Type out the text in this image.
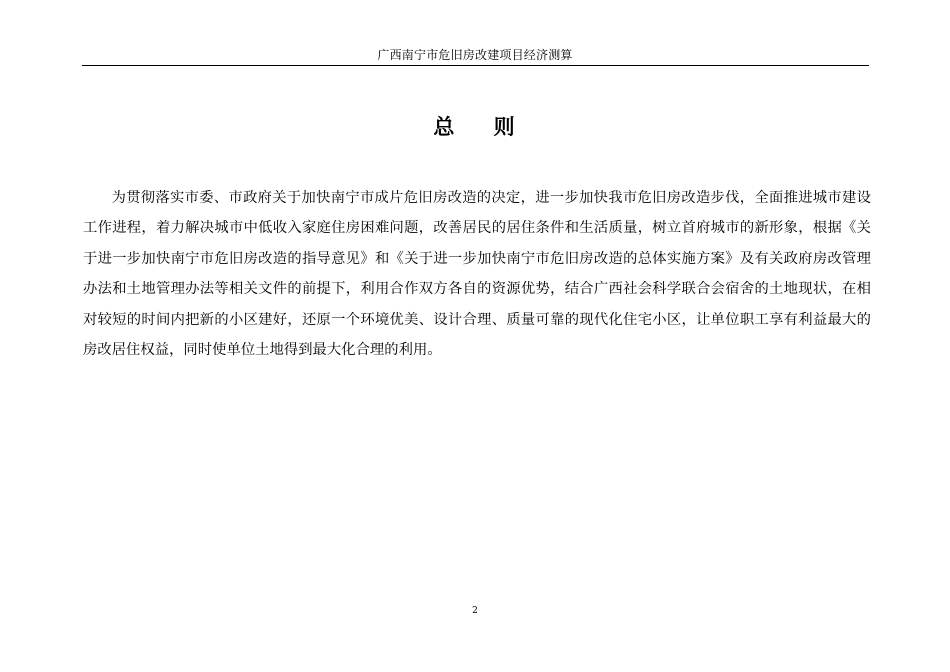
广西南宁市危旧房改建项目经济测算
总    则

为贯彻落实市委、市政府关于加快南宁市成片危旧房改造的决定，进一步加快我市危旧房改造步伐，全面推进城市建设工作进程，着力解决城市中低收入家庭住房困难问题，改善居民的居住条件和生活质量，树立首府城市的新形象，根据《关于进一步加快南宁市危旧房改造的指导意见》和《关于进一步加快南宁市危旧房改造的总体实施方案》及有关政府房改管理办法和土地管理办法等相关文件的前提下，利用合作双方各自的资源优势，结合广西社会科学联合会宿舍的土地现状，在相对较短的时间内把新的小区建好，还原一个环境优美、设计合理、质量可靠的现代化住宅小区，让单位职工享有利益最大的房改居住权益，同时使单位土地得到最大化合理的利用。

2
